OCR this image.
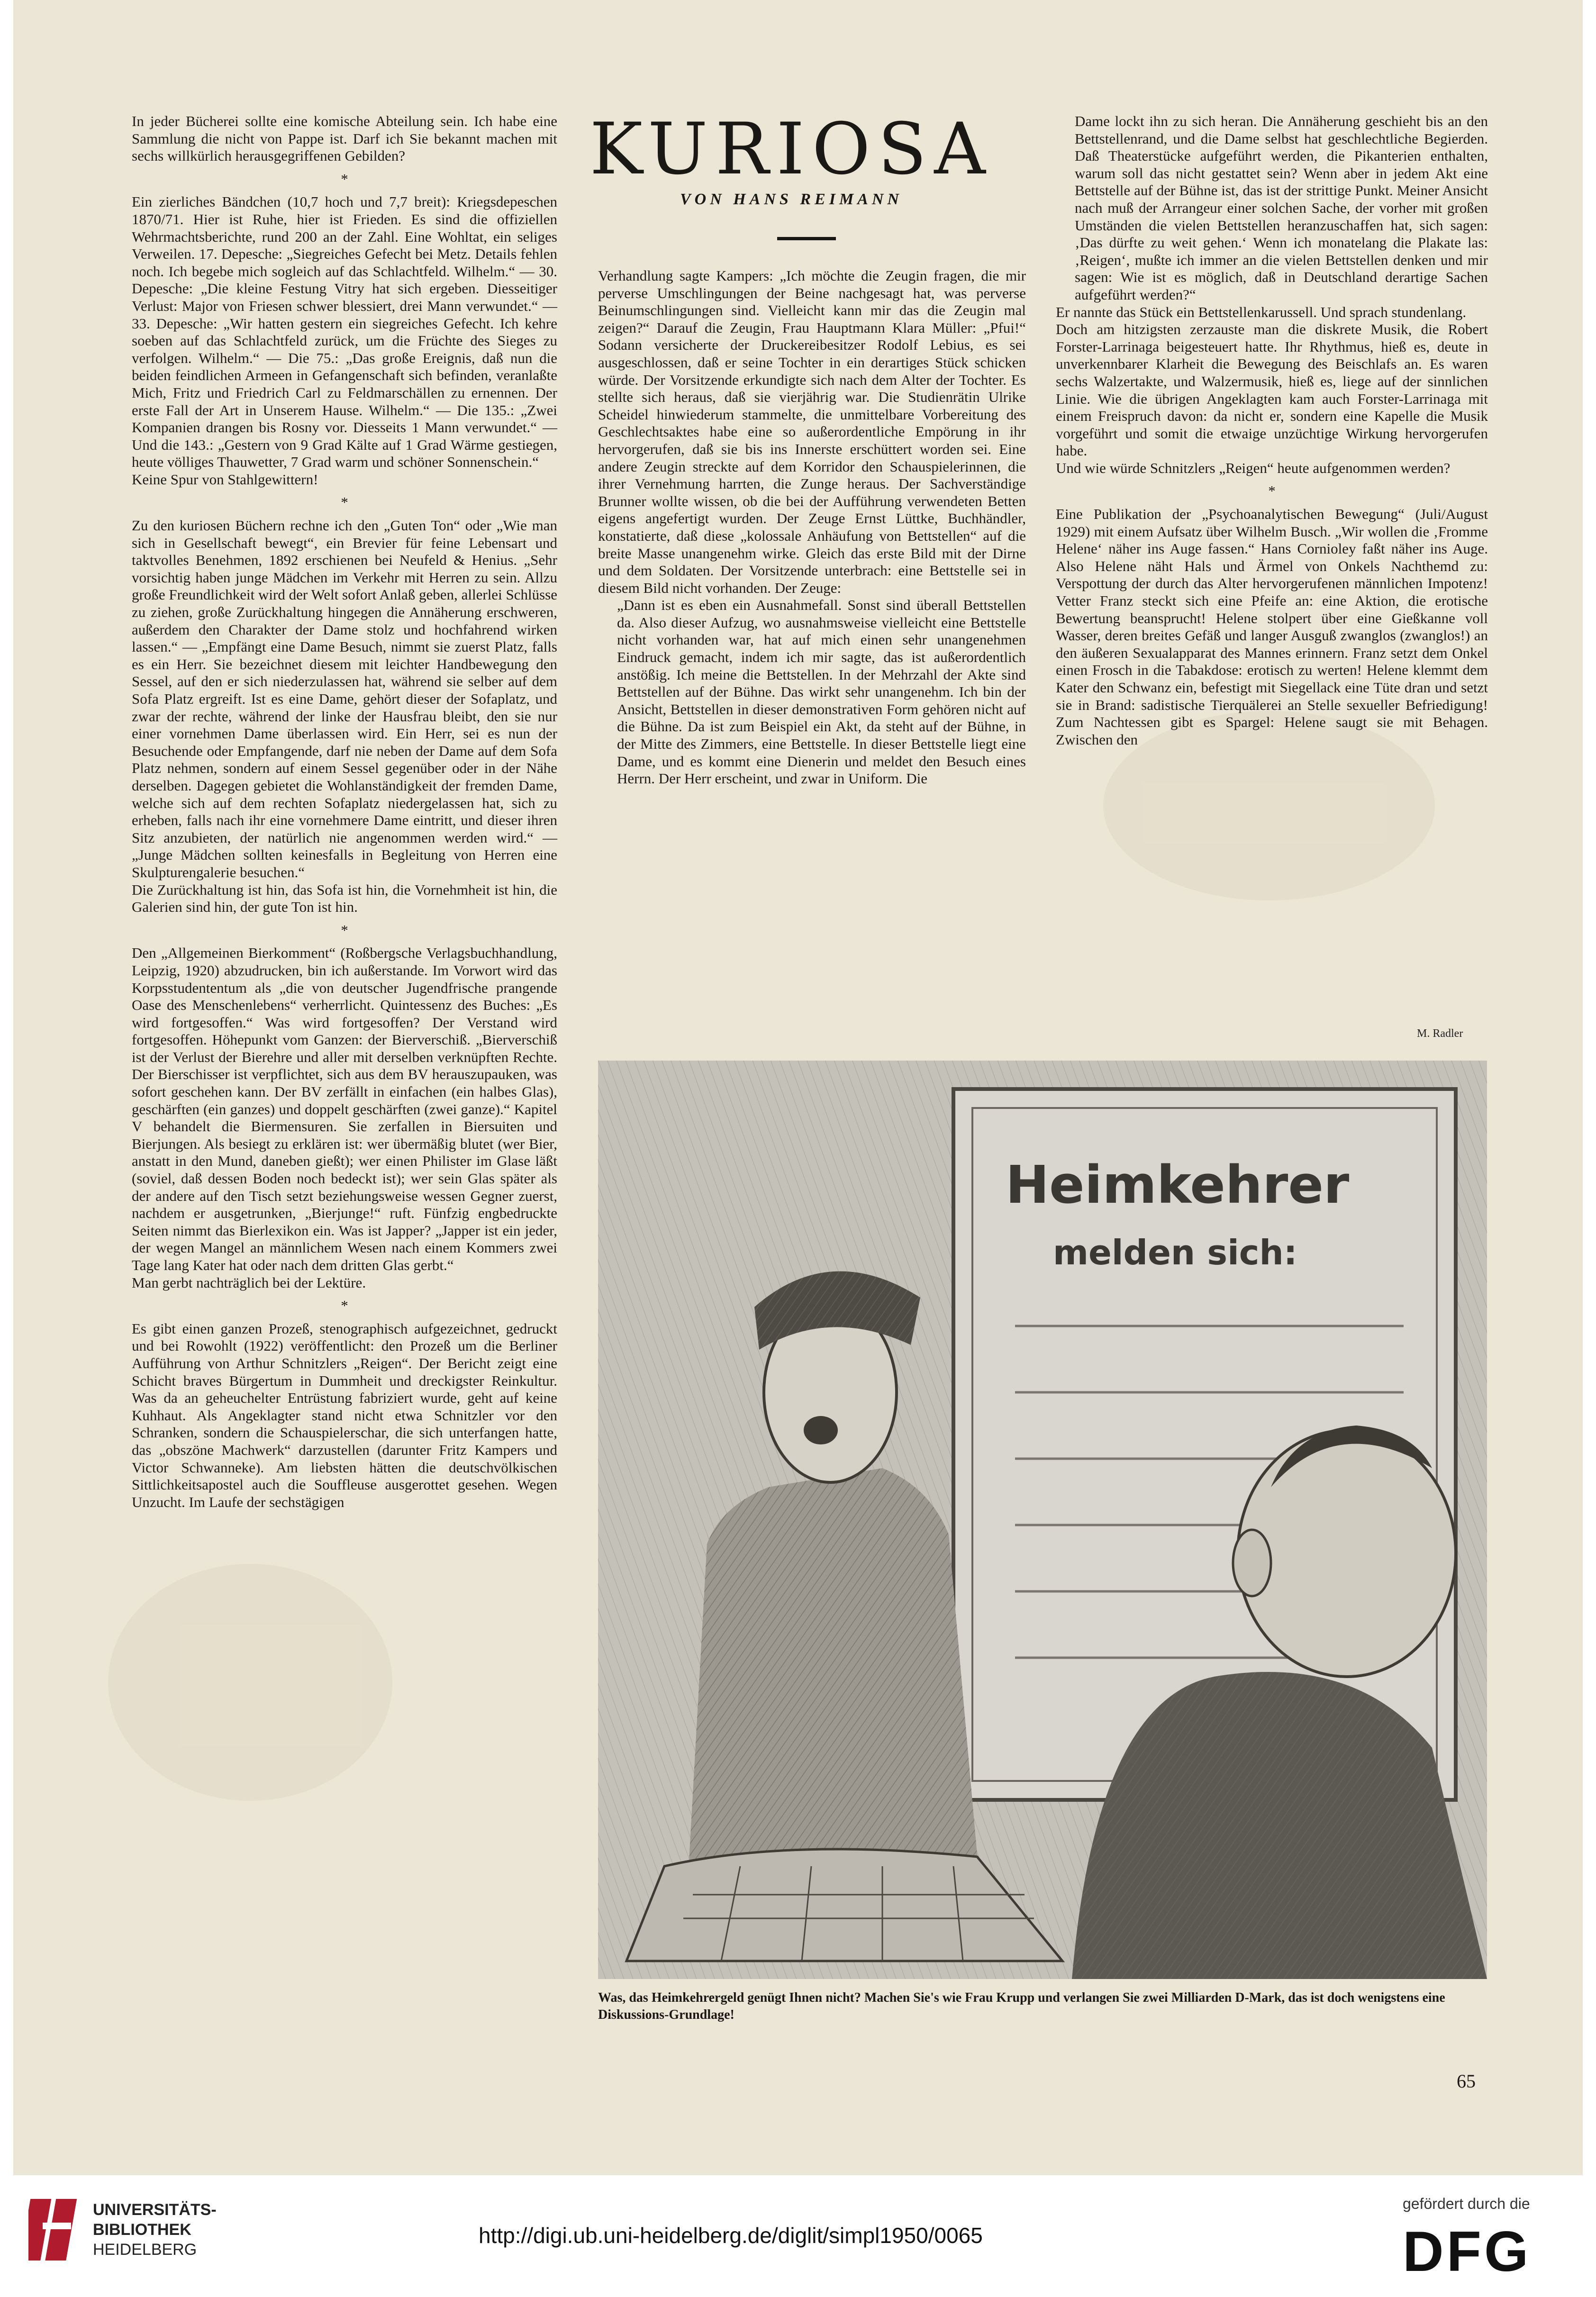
In jeder Bücherei sollte eine komische Abteilung sein. Ich habe eine Sammlung die nicht von Pappe ist. Darf ich Sie bekannt machen mit sechs willkürlich herausgegriffenen Gebilden?

*

Ein zierliches Bändchen (10,7 hoch und 7,7 breit): Kriegsdepeschen 1870/71. Hier ist Ruhe, hier ist Frieden. Es sind die offiziellen Wehrmachtsberichte, rund 200 an der Zahl. Eine Wohltat, ein seliges Verweilen. 17. Depesche: „Siegreiches Gefecht bei Metz. Details fehlen noch. Ich begebe mich sogleich auf das Schlachtfeld. Wilhelm.“ — 30. Depesche: „Die kleine Festung Vitry hat sich ergeben. Diesseitiger Verlust: Major von Friesen schwer blessiert, drei Mann verwundet.“ — 33. Depesche: „Wir hatten gestern ein siegreiches Gefecht. Ich kehre soeben auf das Schlachtfeld zurück, um die Früchte des Sieges zu verfolgen. Wilhelm.“ — Die 75.: „Das große Ereignis, daß nun die beiden feindlichen Armeen in Gefangenschaft sich befinden, veranlaßte Mich, Fritz und Friedrich Carl zu Feldmarschällen zu ernennen. Der erste Fall der Art in Unserem Hause. Wilhelm.“ — Die 135.: „Zwei Kompanien drangen bis Rosny vor. Diesseits 1 Mann verwundet.“ — Und die 143.: „Gestern von 9 Grad Kälte auf 1 Grad Wärme gestiegen, heute völliges Thauwetter, 7 Grad warm und schöner Sonnenschein.“

Keine Spur von Stahlgewittern!

*

Zu den kuriosen Büchern rechne ich den „Guten Ton“ oder „Wie man sich in Gesellschaft bewegt“, ein Brevier für feine Lebensart und taktvolles Benehmen, 1892 erschienen bei Neufeld & Henius. „Sehr vorsichtig haben junge Mädchen im Verkehr mit Herren zu sein. Allzu große Freundlichkeit wird der Welt sofort Anlaß geben, allerlei Schlüsse zu ziehen, große Zurückhaltung hingegen die Annäherung erschweren, außerdem den Charakter der Dame stolz und hochfahrend wirken lassen.“ — „Empfängt eine Dame Besuch, nimmt sie zuerst Platz, falls es ein Herr. Sie bezeichnet diesem mit leichter Handbewegung den Sessel, auf den er sich niederzulassen hat, während sie selber auf dem Sofa Platz ergreift. Ist es eine Dame, gehört dieser der Sofaplatz, und zwar der rechte, während der linke der Hausfrau bleibt, den sie nur einer vornehmen Dame überlassen wird. Ein Herr, sei es nun der Besuchende oder Empfangende, darf nie neben der Dame auf dem Sofa Platz nehmen, sondern auf einem Sessel gegenüber oder in der Nähe derselben. Dagegen gebietet die Wohlanständigkeit der fremden Dame, welche sich auf dem rechten Sofaplatz niedergelassen hat, sich zu erheben, falls nach ihr eine vornehmere Dame eintritt, und dieser ihren Sitz anzubieten, der natürlich nie angenommen werden wird.“ — „Junge Mädchen sollten keinesfalls in Begleitung von Herren eine Skulpturengalerie besuchen.“

Die Zurückhaltung ist hin, das Sofa ist hin, die Vornehmheit ist hin, die Galerien sind hin, der gute Ton ist hin.

*

Den „Allgemeinen Bierkomment“ (Roßbergsche Verlagsbuchhandlung, Leipzig, 1920) abzudrucken, bin ich außerstande. Im Vorwort wird das Korpsstudententum als „die von deutscher Jugendfrische prangende Oase des Menschenlebens“ verherrlicht. Quintessenz des Buches: „Es wird fortgesoffen.“ Was wird fortgesoffen? Der Verstand wird fortgesoffen. Höhepunkt vom Ganzen: der Bierverschiß. „Bierverschiß ist der Verlust der Bierehre und aller mit derselben verknüpften Rechte. Der Bierschisser ist verpflichtet, sich aus dem BV herauszupauken, was sofort geschehen kann. Der BV zerfällt in einfachen (ein halbes Glas), geschärften (ein ganzes) und doppelt geschärften (zwei ganze).“ Kapitel V behandelt die Biermensuren. Sie zerfallen in Biersuiten und Bierjungen. Als besiegt zu erklären ist: wer übermäßig blutet (wer Bier, anstatt in den Mund, daneben gießt); wer einen Philister im Glase läßt (soviel, daß dessen Boden noch bedeckt ist); wer sein Glas später als der andere auf den Tisch setzt beziehungsweise wessen Gegner zuerst, nachdem er ausgetrunken, „Bierjunge!“ ruft. Fünfzig engbedruckte Seiten nimmt das Bierlexikon ein. Was ist Japper? „Japper ist ein jeder, der wegen Mangel an männlichem Wesen nach einem Kommers zwei Tage lang Kater hat oder nach dem dritten Glas gerbt.“

Man gerbt nachträglich bei der Lektüre.

*

Es gibt einen ganzen Prozeß, stenographisch aufgezeichnet, gedruckt und bei Rowohlt (1922) veröffentlicht: den Prozeß um die Berliner Aufführung von Arthur Schnitzlers „Reigen“. Der Bericht zeigt eine Schicht braves Bürgertum in Dummheit und dreckigster Reinkultur. Was da an geheuchelter Entrüstung fabriziert wurde, geht auf keine Kuhhaut. Als Angeklagter stand nicht etwa Schnitzler vor den Schranken, sondern die Schauspielerschar, die sich unterfangen hatte, das „obszöne Machwerk“ darzustellen (darunter Fritz Kampers und Victor Schwanneke). Am liebsten hätten die deutschvölkischen Sittlichkeitsapostel auch die Souffleuse ausgerottet gesehen. Wegen Unzucht. Im Laufe der sechstägigen

KURIOSA
VON HANS REIMANN

Verhandlung sagte Kampers: „Ich möchte die Zeugin fragen, die mir perverse Umschlingungen der Beine nachgesagt hat, was perverse Beinumschlingungen sind. Vielleicht kann mir das die Zeugin mal zeigen?“ Darauf die Zeugin, Frau Hauptmann Klara Müller: „Pfui!“ Sodann versicherte der Druckereibesitzer Rodolf Lebius, es sei ausgeschlossen, daß er seine Tochter in ein derartiges Stück schicken würde. Der Vorsitzende erkundigte sich nach dem Alter der Tochter. Es stellte sich heraus, daß sie vierjährig war. Die Studienrätin Ulrike Scheidel hinwiederum stammelte, die unmittelbare Vorbereitung des Geschlechtsaktes habe eine so außerordentliche Empörung in ihr hervorgerufen, daß sie bis ins Innerste erschüttert worden sei. Eine andere Zeugin streckte auf dem Korridor den Schauspielerinnen, die ihrer Vernehmung harrten, die Zunge heraus. Der Sachverständige Brunner wollte wissen, ob die bei der Aufführung verwendeten Betten eigens angefertigt wurden. Der Zeuge Ernst Lüttke, Buchhändler, konstatierte, daß diese „kolossale Anhäufung von Bettstellen“ auf die breite Masse unangenehm wirke. Gleich das erste Bild mit der Dirne und dem Soldaten. Der Vorsitzende unterbrach: eine Bettstelle sei in diesem Bild nicht vorhanden. Der Zeuge:

„Dann ist es eben ein Ausnahmefall. Sonst sind überall Bettstellen da. Also dieser Aufzug, wo ausnahmsweise vielleicht eine Bettstelle nicht vorhanden war, hat auf mich einen sehr unangenehmen Eindruck gemacht, indem ich mir sagte, das ist außerordentlich anstößig. Ich meine die Bettstellen. In der Mehrzahl der Akte sind Bettstellen auf der Bühne. Das wirkt sehr unangenehm. Ich bin der Ansicht, Bettstellen in dieser demonstrativen Form gehören nicht auf die Bühne. Da ist zum Beispiel ein Akt, da steht auf der Bühne, in der Mitte des Zimmers, eine Bettstelle. In dieser Bettstelle liegt eine Dame, und es kommt eine Dienerin und meldet den Besuch eines Herrn. Der Herr erscheint, und zwar in Uniform. Die

Dame lockt ihn zu sich heran. Die Annäherung geschieht bis an den Bettstellenrand, und die Dame selbst hat geschlechtliche Begierden. Daß Theaterstücke aufgeführt werden, die Pikanterien enthalten, warum soll das nicht gestattet sein? Wenn aber in jedem Akt eine Bettstelle auf der Bühne ist, das ist der strittige Punkt. Meiner Ansicht nach muß der Arrangeur einer solchen Sache, der vorher mit großen Umständen die vielen Bettstellen heranzuschaffen hat, sich sagen: ‚Das dürfte zu weit gehen.‘ Wenn ich monatelang die Plakate las: ‚Reigen‘, mußte ich immer an die vielen Bettstellen denken und mir sagen: Wie ist es möglich, daß in Deutschland derartige Sachen aufgeführt werden?“

Er nannte das Stück ein Bettstellenkarussell. Und sprach stundenlang.

Doch am hitzigsten zerzauste man die diskrete Musik, die Robert Forster-Larrinaga beigesteuert hatte. Ihr Rhythmus, hieß es, deute in unverkennbarer Klarheit die Bewegung des Beischlafs an. Es waren sechs Walzertakte, und Walzermusik, hieß es, liege auf der sinnlichen Linie. Wie die übrigen Angeklagten kam auch Forster-Larrinaga mit einem Freispruch davon: da nicht er, sondern eine Kapelle die Musik vorgeführt und somit die etwaige unzüchtige Wirkung hervorgerufen habe.

Und wie würde Schnitzlers „Reigen“ heute aufgenommen werden?

*

Eine Publikation der „Psychoanalytischen Bewegung“ (Juli/August 1929) mit einem Aufsatz über Wilhelm Busch. „Wir wollen die ‚Fromme Helene‘ näher ins Auge fassen.“ Hans Cornioley faßt näher ins Auge. Also Helene näht Hals und Ärmel von Onkels Nachthemd zu: Verspottung der durch das Alter hervorgerufenen männlichen Impotenz! Vetter Franz steckt sich eine Pfeife an: eine Aktion, die erotische Bewertung beansprucht! Helene stolpert über eine Gießkanne voll Wasser, deren breites Gefäß und langer Ausguß zwanglos (zwanglos!) an den äußeren Sexualapparat des Mannes erinnern. Franz setzt dem Onkel einen Frosch in die Tabakdose: erotisch zu werten! Helene klemmt dem Kater den Schwanz ein, befestigt mit Siegellack eine Tüte dran und setzt sie in Brand: sadistische Tierquälerei an Stelle sexueller Befriedigung! Zum Nachtessen gibt es Spargel: Helene saugt sie mit Behagen. Zwischen den

M. Radler
Heimkehrer
melden sich:
Was, das Heimkehrergeld genügt Ihnen nicht? Machen Sie's wie Frau Krupp und verlangen Sie zwei Milliarden D-Mark, das ist doch wenigstens eine Diskussions-Grundlage!
65
UNIVERSITÄTS-
BIBLIOTHEK
HEIDELBERG
http://digi.ub.uni-heidelberg.de/diglit/simpl1950/0065
gefördert durch die
DFG
